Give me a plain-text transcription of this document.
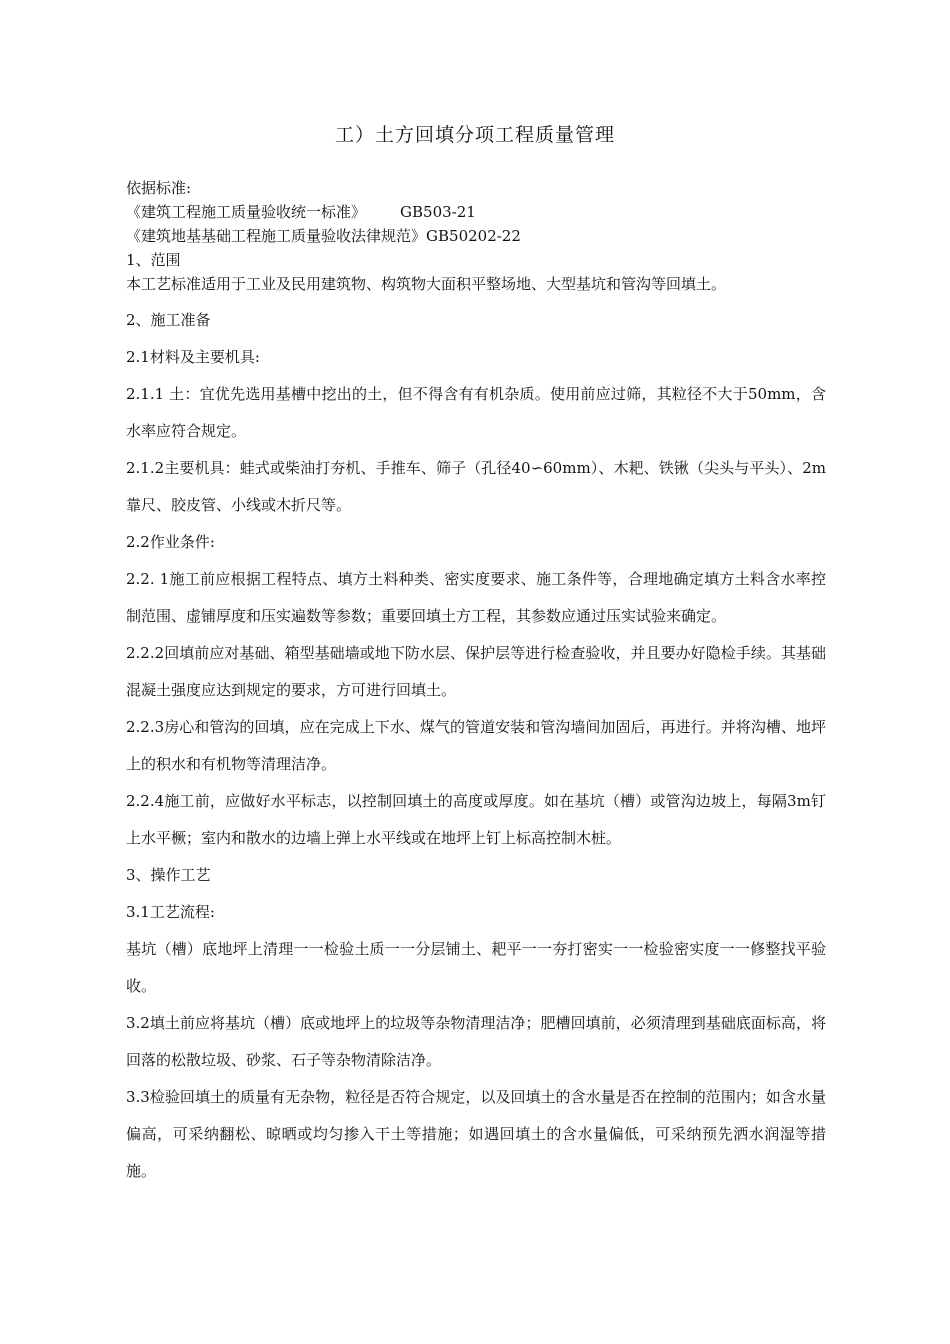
工）土方回填分项工程质量管理

依据标准:

《建筑工程施工质量验收统一标准》 GB503-21

《建筑地基基础工程施工质量验收法律规范》GB50202-22

1、范围

本工艺标准适用于工业及民用建筑物、构筑物大面积平整场地、大型基坑和管沟等回填土。

2、施工准备

2.1材料及主要机具:

2.1.1 土：宜优先选用基槽中挖出的土，但不得含有有机杂质。使用前应过筛，其粒径不大于50mm，含水率应符合规定。

2.1.2主要机具：蛙式或柴油打夯机、手推车、筛子（孔径40∽60mm）、木耙、铁锹（尖头与平头）、2m靠尺、胶皮管、小线或木折尺等。

2.2作业条件:

2.2. 1施工前应根据工程特点、填方土料种类、密实度要求、施工条件等，合理地确定填方土料含水率控制范围、虚铺厚度和压实遍数等参数；重要回填土方工程，其参数应通过压实试验来确定。

2.2.2回填前应对基础、箱型基础墙或地下防水层、保护层等进行检查验收，并且要办好隐检手续。其基础混凝土强度应达到规定的要求，方可进行回填土。

2.2.3房心和管沟的回填，应在完成上下水、煤气的管道安装和管沟墙间加固后，再进行。并将沟槽、地坪上的积水和有机物等清理洁净。

2.2.4施工前，应做好水平标志，以控制回填土的高度或厚度。如在基坑（槽）或管沟边坡上，每隔3m钉上水平橛；室内和散水的边墙上弹上水平线或在地坪上钉上标高控制木桩。

3、操作工艺

3.1工艺流程:

基坑（槽）底地坪上清理一一检验土质一一分层铺土、耙平一一夯打密实一一检验密实度一一修整找平验收。

3.2填土前应将基坑（槽）底或地坪上的垃圾等杂物清理洁净；肥槽回填前，必须清理到基础底面标高，将回落的松散垃圾、砂浆、石子等杂物清除洁净。

3.3检验回填土的质量有无杂物，粒径是否符合规定，以及回填土的含水量是否在控制的范围内；如含水量偏高，可采纳翻松、晾晒或均匀掺入干土等措施；如遇回填土的含水量偏低，可采纳预先洒水润湿等措施。
